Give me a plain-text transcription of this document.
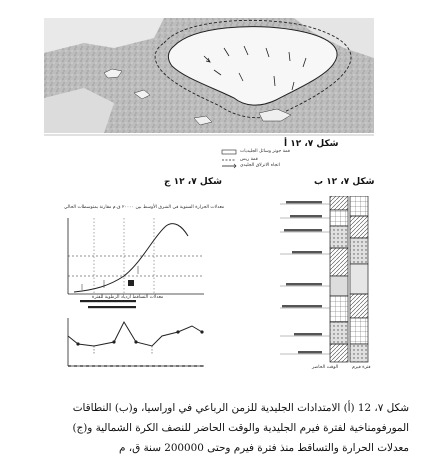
شكل ٧، ١٢ أ
قمة جوتر وسائل الجليديات
قمة ريس
اتجاه الانزلاق الجليدي
شكل ٧، ١٢ ج	شكل ٧، ١٢ ب
الوقت الحاضر	فترة فيرم
معدلات الحرارة السنوية في الشرق الأوسط بين ٢٠٠٠٠ ق.م مقارنة بمتوسطات الحالي
معدلات التساقط ازدياد الرطوبة للفترة
شكل ٧، 12 (أ) الامتدادات الجليدية للزمن الرباعي في اوراسيا، و(ب) النطاقات
المورفومناخية لفترة فيرم الجليدية والوقت الحاضر للنصف الكرة الشمالية و(ج)
معدلات الحرارة والتساقط منذ فترة فيرم وحتى 200000 سنة ق، م
